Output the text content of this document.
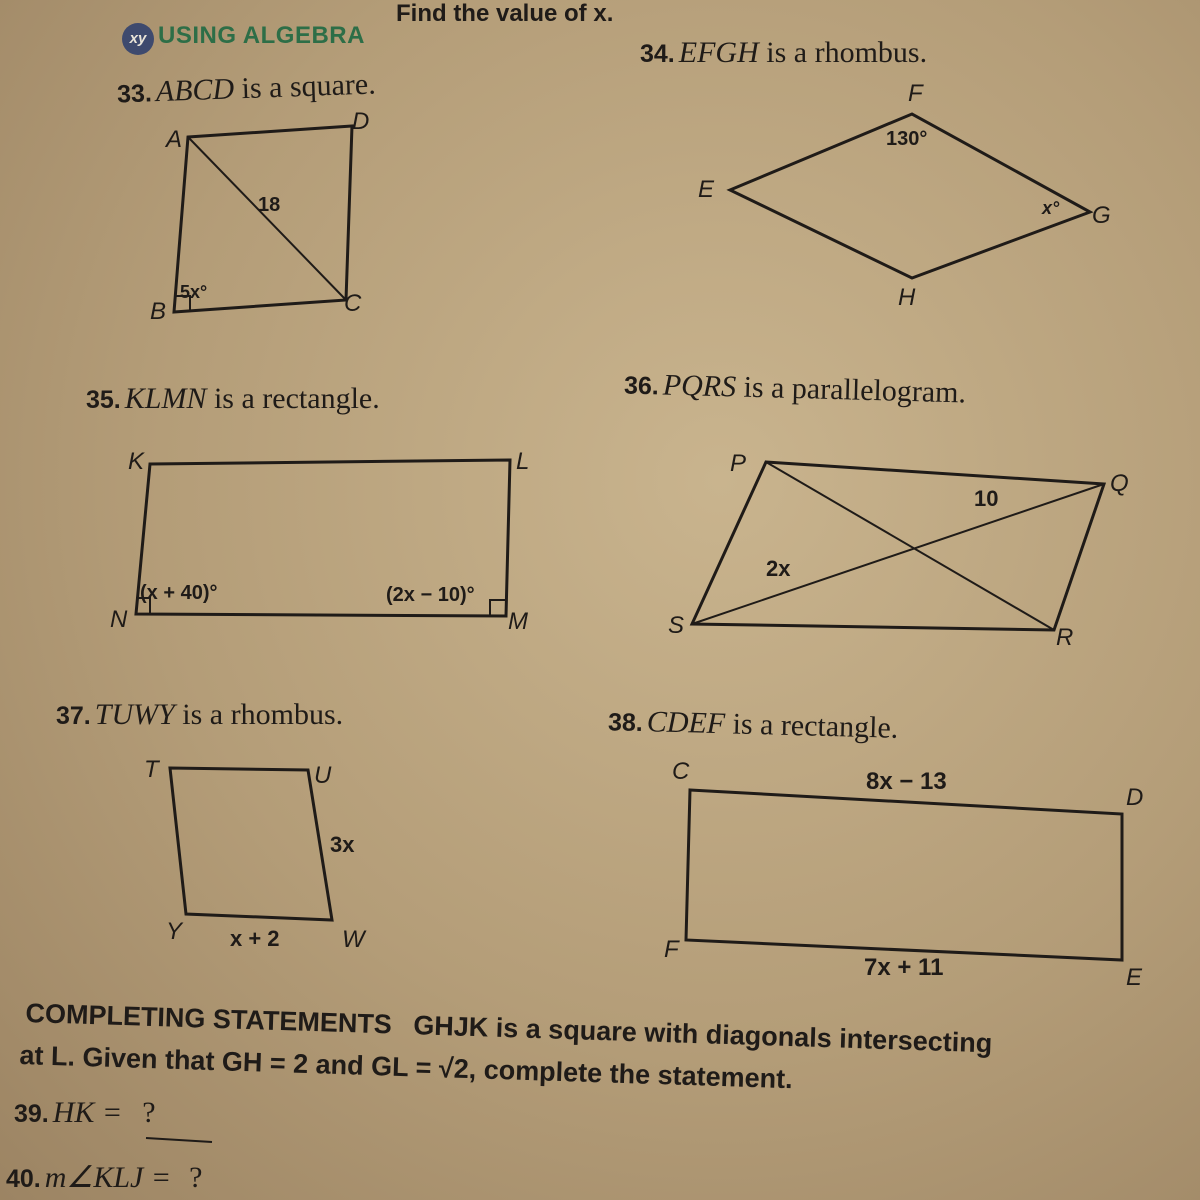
xy USING ALGEBRA
Find the value of x.
33. ABCD is a square.
34. EFGH is a rhombus.
35. KLMN is a rectangle.	36. PQRS is a parallelogram.
37. TUWY is a rhombus.	38. CDEF is a rectangle.
A
D
B	C
18
5x°
F
E
G
H
130°
x°
K	L
N	M
(x + 40)°	(2x − 10)°
P
Q
S	R
10
2x
T	U
Y	W
3x
x + 2
C
D
F
E
8x − 13
7x + 11
COMPLETING STATEMENTS GHJK is a square with diagonals intersecting
at L. Given that GH = 2 and GL = √2, complete the statement.
39. HK = ?
40. m∠KLJ = ?
